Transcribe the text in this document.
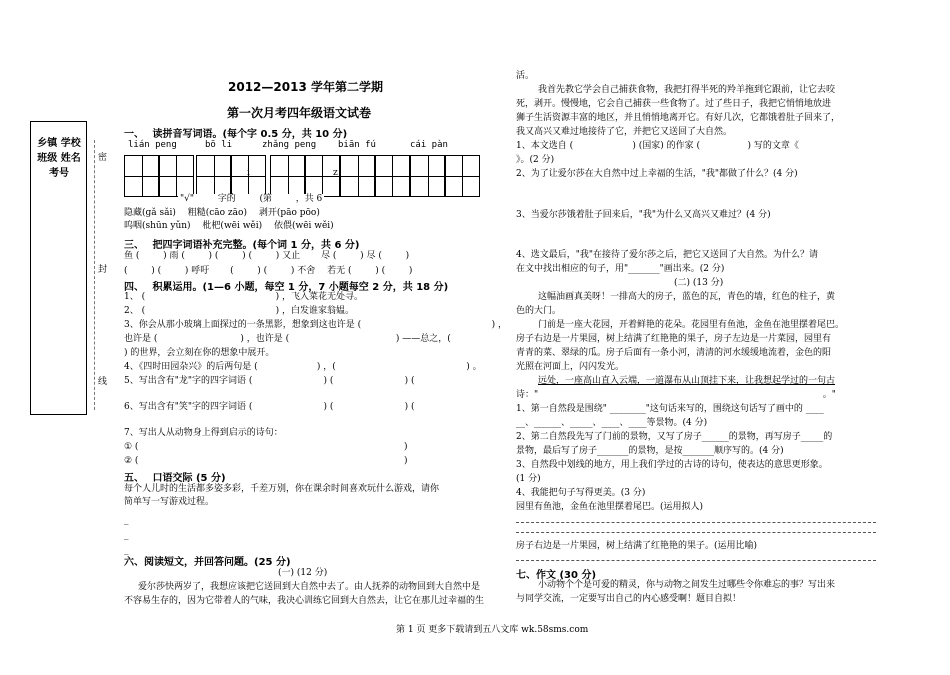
乡镇 学校 班级 姓名 考号
密
封
线
2012—2013 学年第二学期
第一次月考四年级语文试卷
一、　 读拼音写词语。(每个字 0.5 分，共 10 分)
lián peng	bō li	zhǎng peng biān fú	cái pàn
i	z
"√"　 　 字的　 　 (第　 　 ，共 6
隐藏(ɡǎ sǎi)　 粗糙(cāo zāo)　 剥开(pāo pōo)
呜咽(shūn yǔn)　 枇杷(wēi wěi)　 依偎(wēi wěi)
三、　 把四字词语补充完整。(每个词 1 分，共 6 分)
鱼 (　 　 ) 雨 (　 　 ) (　 　 ) (　 　 ) 又止　　 尽 (　 　 ) 尽 (　 　 )
(　 　 ) (　 　 ) 呼吁　　 (　 　 ) (　 　 ) 不舍　 若无 (　 　 ) (　 　 )
四、　 积累运用。(1—6 小题，每空 1 分，7 小题每空 2 分，共 18 分)
1、 (　 　 　 　 　 　 　 　 　 　 　 ) ，飞入菜花无处寻。
2、 (　 　 　 　 　 　 　 　 　 　 　 ) ，白发谁家翁媪。
3、你会从那小玻璃上面探过的一条黑影，想象到这也许是 (　 　 　 　 　 　 　 　 　 　 　 ) ，
也许是 (　 　 　 　 　 　 　 ) ，也许是 (　 　 　 　 　 　 　 　 　 ) ——总之，(
) 的世界，会立刻在你的想象中展开。
4、《四时田园杂兴》的后两句是 (　 　 　 　 　 ) ，(　 　 　 　 　 　 　 　 　 　 　 ) 。
5、写出含有"龙"字的四字词语 (　 　 　 　 　 　 ) (　 　 　 　 　 　 ) (
6、写出含有"笑"字的四字词语 (　 　 　 　 　 　 ) (　 　 　 　 　 　 ) (
7、写出人从动物身上得到启示的诗句：
① (	)
② (	)
五、　 口语交际 (5 分)
每个人儿时的生活都多姿多彩，千差万别，你在课余时间喜欢玩什么游戏，请你
简单写一写游戏过程。
_
_
_
六、阅读短文，并回答问题。(25 分)
(一) (12 分)
爱尔莎快两岁了，我想应该把它送回到大自然中去了。由人抚养的动物回到大自然中是
不容易生存的，因为它带着人的气味，我决心训练它回到大自然去，让它在那儿过幸福的生
活。
我首先教它学会自己捕获食物，我把打得半死的羚羊拖到它跟前，让它去咬
死，剥开。慢慢地，它会自己捕获一些食物了。过了些日子，我把它悄悄地放进
狮子生活资源丰富的地区，并且悄悄地离开它。有好几次，它都饿着肚子回来了，
我又高兴又难过地接待了它，并把它又送回了大自然。
1、本文选自 (　 　 　 　 　 ) (国家) 的作家 (　 　 　 　 ) 写的文章《
》。(2 分)
2、为了让爱尔莎在大自然中过上幸福的生活，"我"都做了什么？(4 分)
3、当爱尔莎饿着肚子回来后，"我"为什么又高兴又难过？(4 分)
4、选文最后，"我"在接待了爱尔莎之后，把它又送回了大自然。为什么？请
在文中找出相应的句子，用"_______"画出来。(2 分)
(二) (13 分)
这幅油画真美呀！一排高大的房子，蓝色的瓦，青色的墙，红色的柱子，黄
色的大门。
门前是一座大花园，开着鲜艳的花朵。花园里有鱼池，金鱼在池里摆着尾巴。
房子右边是一片果园，树上结满了红艳艳的果子，房子左边是一片菜园，园里有
青青的菜、翠绿的瓜。房子后面有一条小河，清清的河水缓缓地流着，金色的阳
光照在河面上，闪闪发光。
远处，一座高山直入云端，一道瀑布从山顶挂下来，让我想起学过的一句古
诗："　 　 　 　 　 　 　 　 　 　 　 　 　 　 　 　 　 　 　 　 　 　 　 　 。"
1、第一自然段是围绕" ________"这句话来写的，围绕这句话写了画中的 ____
__、______、_____、____、____等景物。(4 分)
2、第二自然段先写了门前的景物，又写了房子______的景物，再写房子_____的
景物，最后写了房子_______的景物，是按_______顺序写的。(4 分)
3、自然段中划线的地方，用上我们学过的古诗的诗句，使表达的意思更形象。
(1 分)
4、我能把句子写得更美。(3 分)
园里有鱼池，金鱼在池里摆着尾巴。(运用拟人)
房子右边是一片果园，树上结满了红艳艳的果子。(运用比喻)
七、作文 (30 分)
小动物个个是可爱的精灵，你与动物之间发生过哪些令你难忘的事？写出来
与同学交流，一定要写出自己的内心感受啊！题目自拟！
第 1 页 更多下载请到五八文库 wk.58sms.com
